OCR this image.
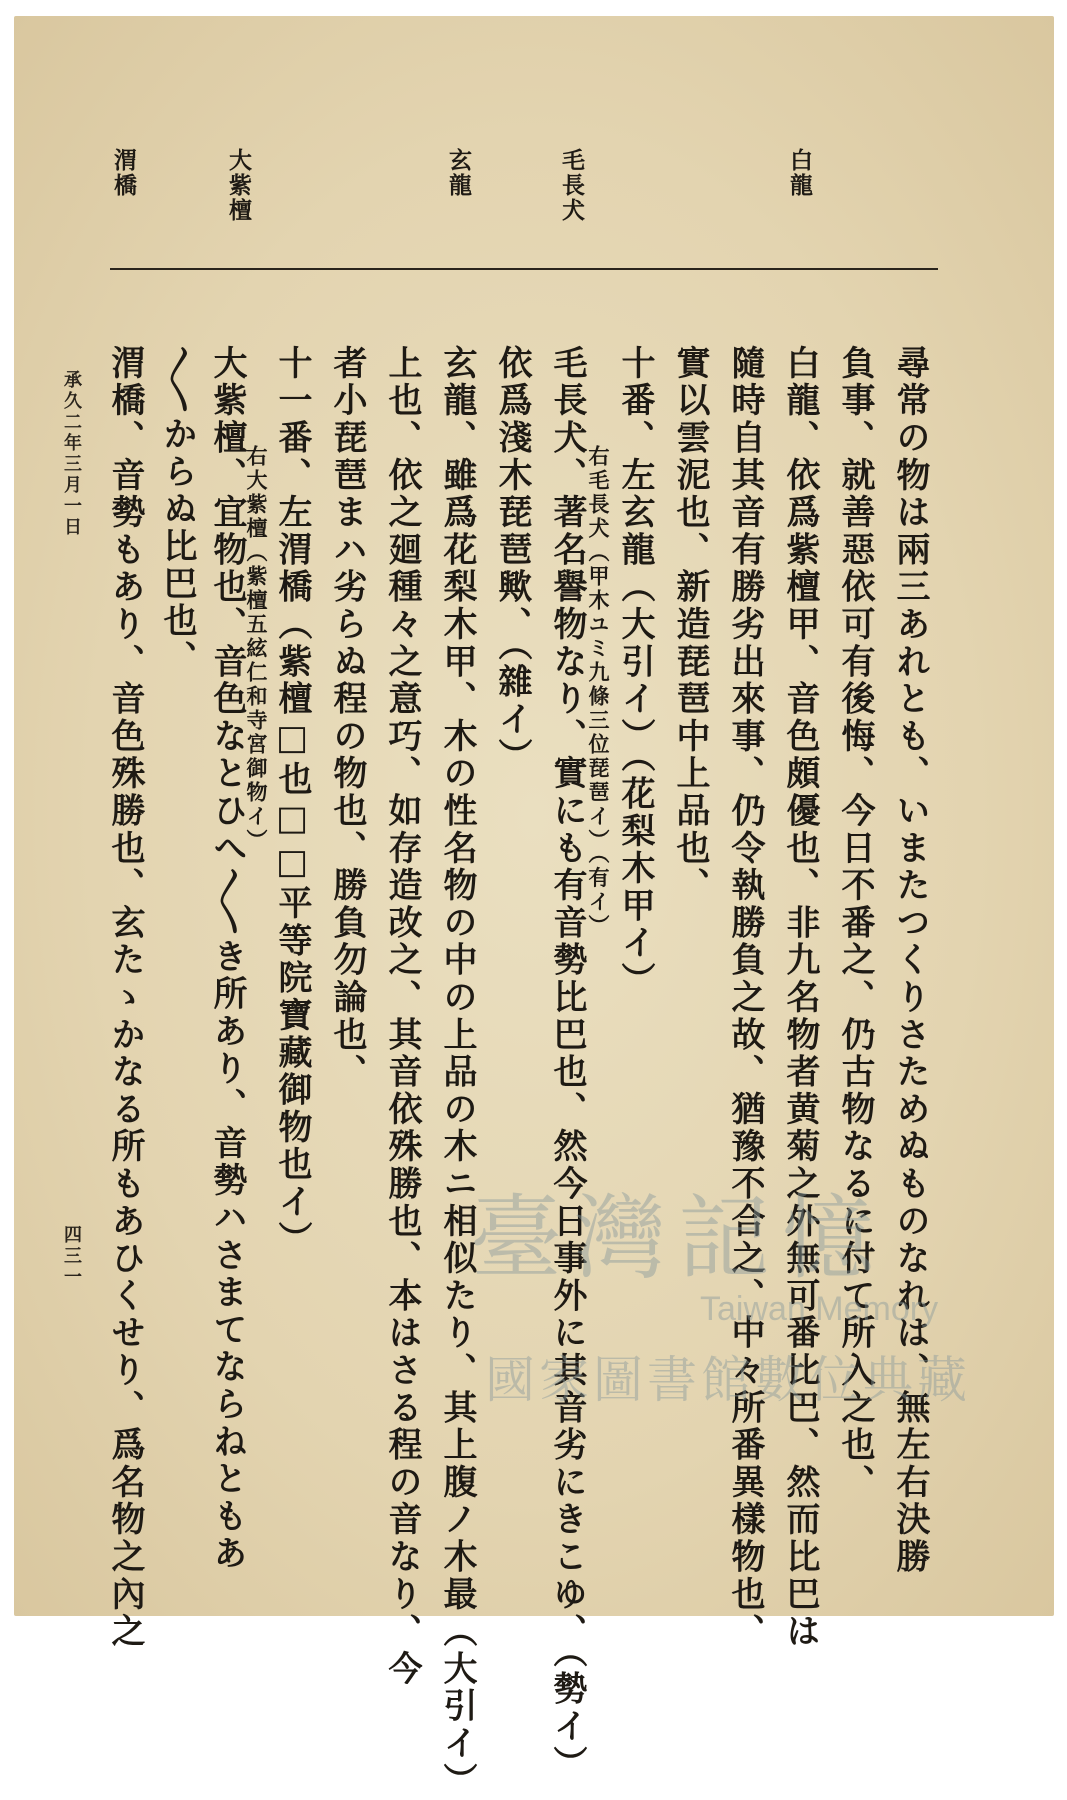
白龍
毛長犬
玄龍
大紫檀
渭橋
尋常の物は兩三あれとも、いまたつくりさためぬものなれは、無左右決勝
負事、就善惡依可有後悔、今日不番之、仍古物なるに付て所入之也、
白龍、依爲紫檀甲、音色頗優也、非九名物者黄菊之外無可番比巴、然而比巴は
隨時自其音有勝劣出來事、仍令執勝負之故、猶豫不合之、中々所番異樣物也、
實以雲泥也、新造琵琶中上品也、
十番、左玄龍（大引イ）（花梨木甲イ）
右毛長犬（甲木ユミ九條三位琵琶イ）（有イ）
毛長犬、著名譽物なり、實にも有音勢比巴也、然今日事外に其音劣にきこゆ、（勢イ）
依爲淺木琵琶歟、（雜イ）
玄龍、雖爲花梨木甲、木の性名物の中の上品の木ニ相似たり、其上腹ノ木最（大引イ）
上也、依之廻種々之意巧、如存造改之、其音依殊勝也、本はさる程の音なり、今
者小琵琶まハ劣らぬ程の物也、勝負勿論也、
十一番、左渭橋（紫檀□也□□平等院寶藏御物也イ）
右大紫檀（紫檀五絃仁和寺宮御物イ）
大紫檀、宜物也、音色なとひへ〳〵き所あり、音勢ハさまてならねともあ
〳〵からぬ比巴也、
渭橋、音勢もあり、音色殊勝也、玄たゝかなる所もあひくせり、爲名物之內之
承久二年三月一日
四三一	臺灣記憶
Taiwan Memory
國家圖書館數位典藏
